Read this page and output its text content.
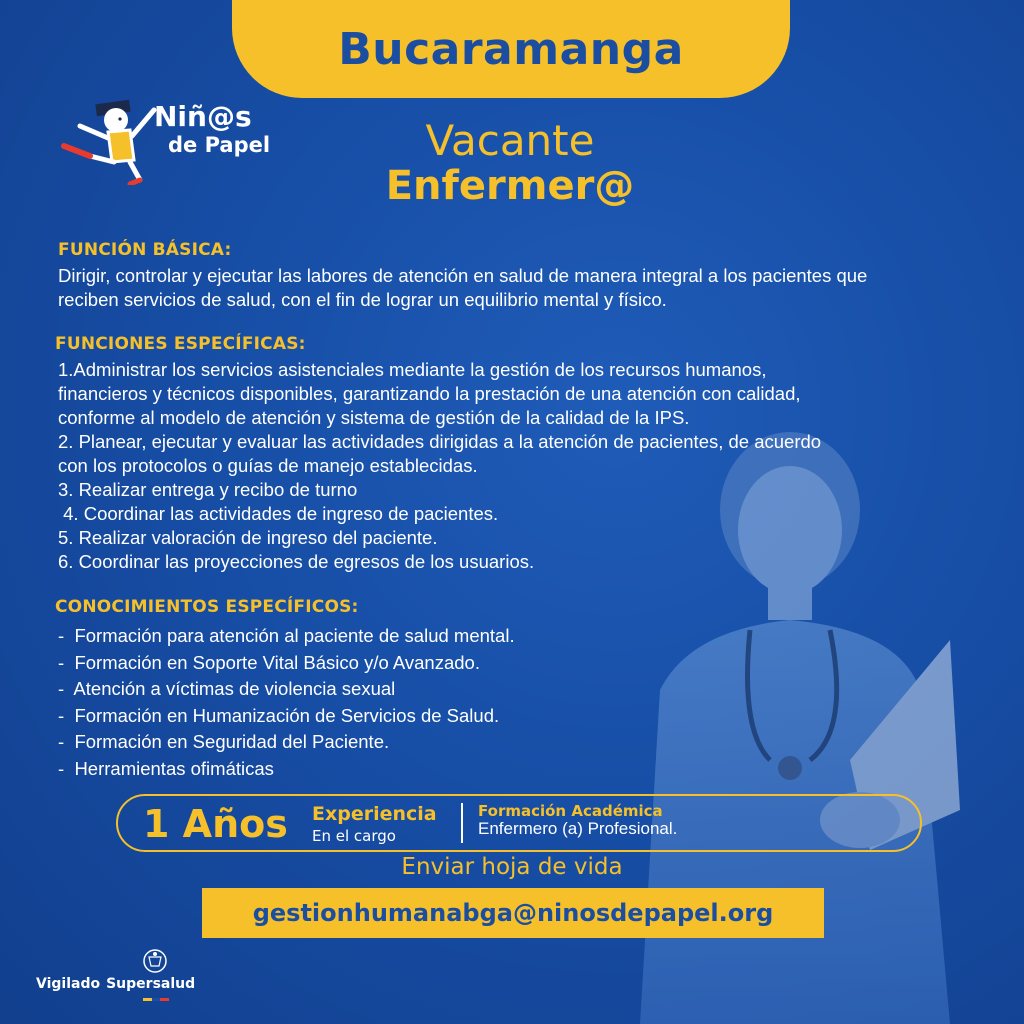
Bucaramanga
Niñ@s
de Papel	Vacante
Enfermer@
FUNCIÓN BÁSICA:
Dirigir, controlar y ejecutar las labores de atención en salud de manera integral a los pacientes que
reciben servicios de salud, con el fin de lograr un equilibrio mental y físico.
FUNCIONES ESPECÍFICAS:
1.Administrar los servicios asistenciales mediante la gestión de los recursos humanos,
financieros y técnicos disponibles, garantizando la prestación de una atención con calidad,
conforme al modelo de atención y sistema de gestión de la calidad de la IPS.
2. Planear, ejecutar y evaluar las actividades dirigidas a la atención de pacientes, de acuerdo
con los protocolos o guías de manejo establecidas.
3. Realizar entrega y recibo de turno
4. Coordinar las actividades de ingreso de pacientes.
5. Realizar valoración de ingreso del paciente.
6. Coordinar las proyecciones de egresos de los usuarios.
CONOCIMIENTOS ESPECÍFICOS:
-  Formación para atención al paciente de salud mental.
-  Formación en Soporte Vital Básico y/o Avanzado.
-  Atención a víctimas de violencia sexual
-  Formación en Humanización de Servicios de Salud.
-  Formación en Seguridad del Paciente.
-  Herramientas ofimáticas
1 Años Experiencia
En el cargo
Formación Académica
Enfermero (a) Profesional.
Enviar hoja de vida
gestionhumanabga@ninosdepapel.org
Vigilado Supersalud
